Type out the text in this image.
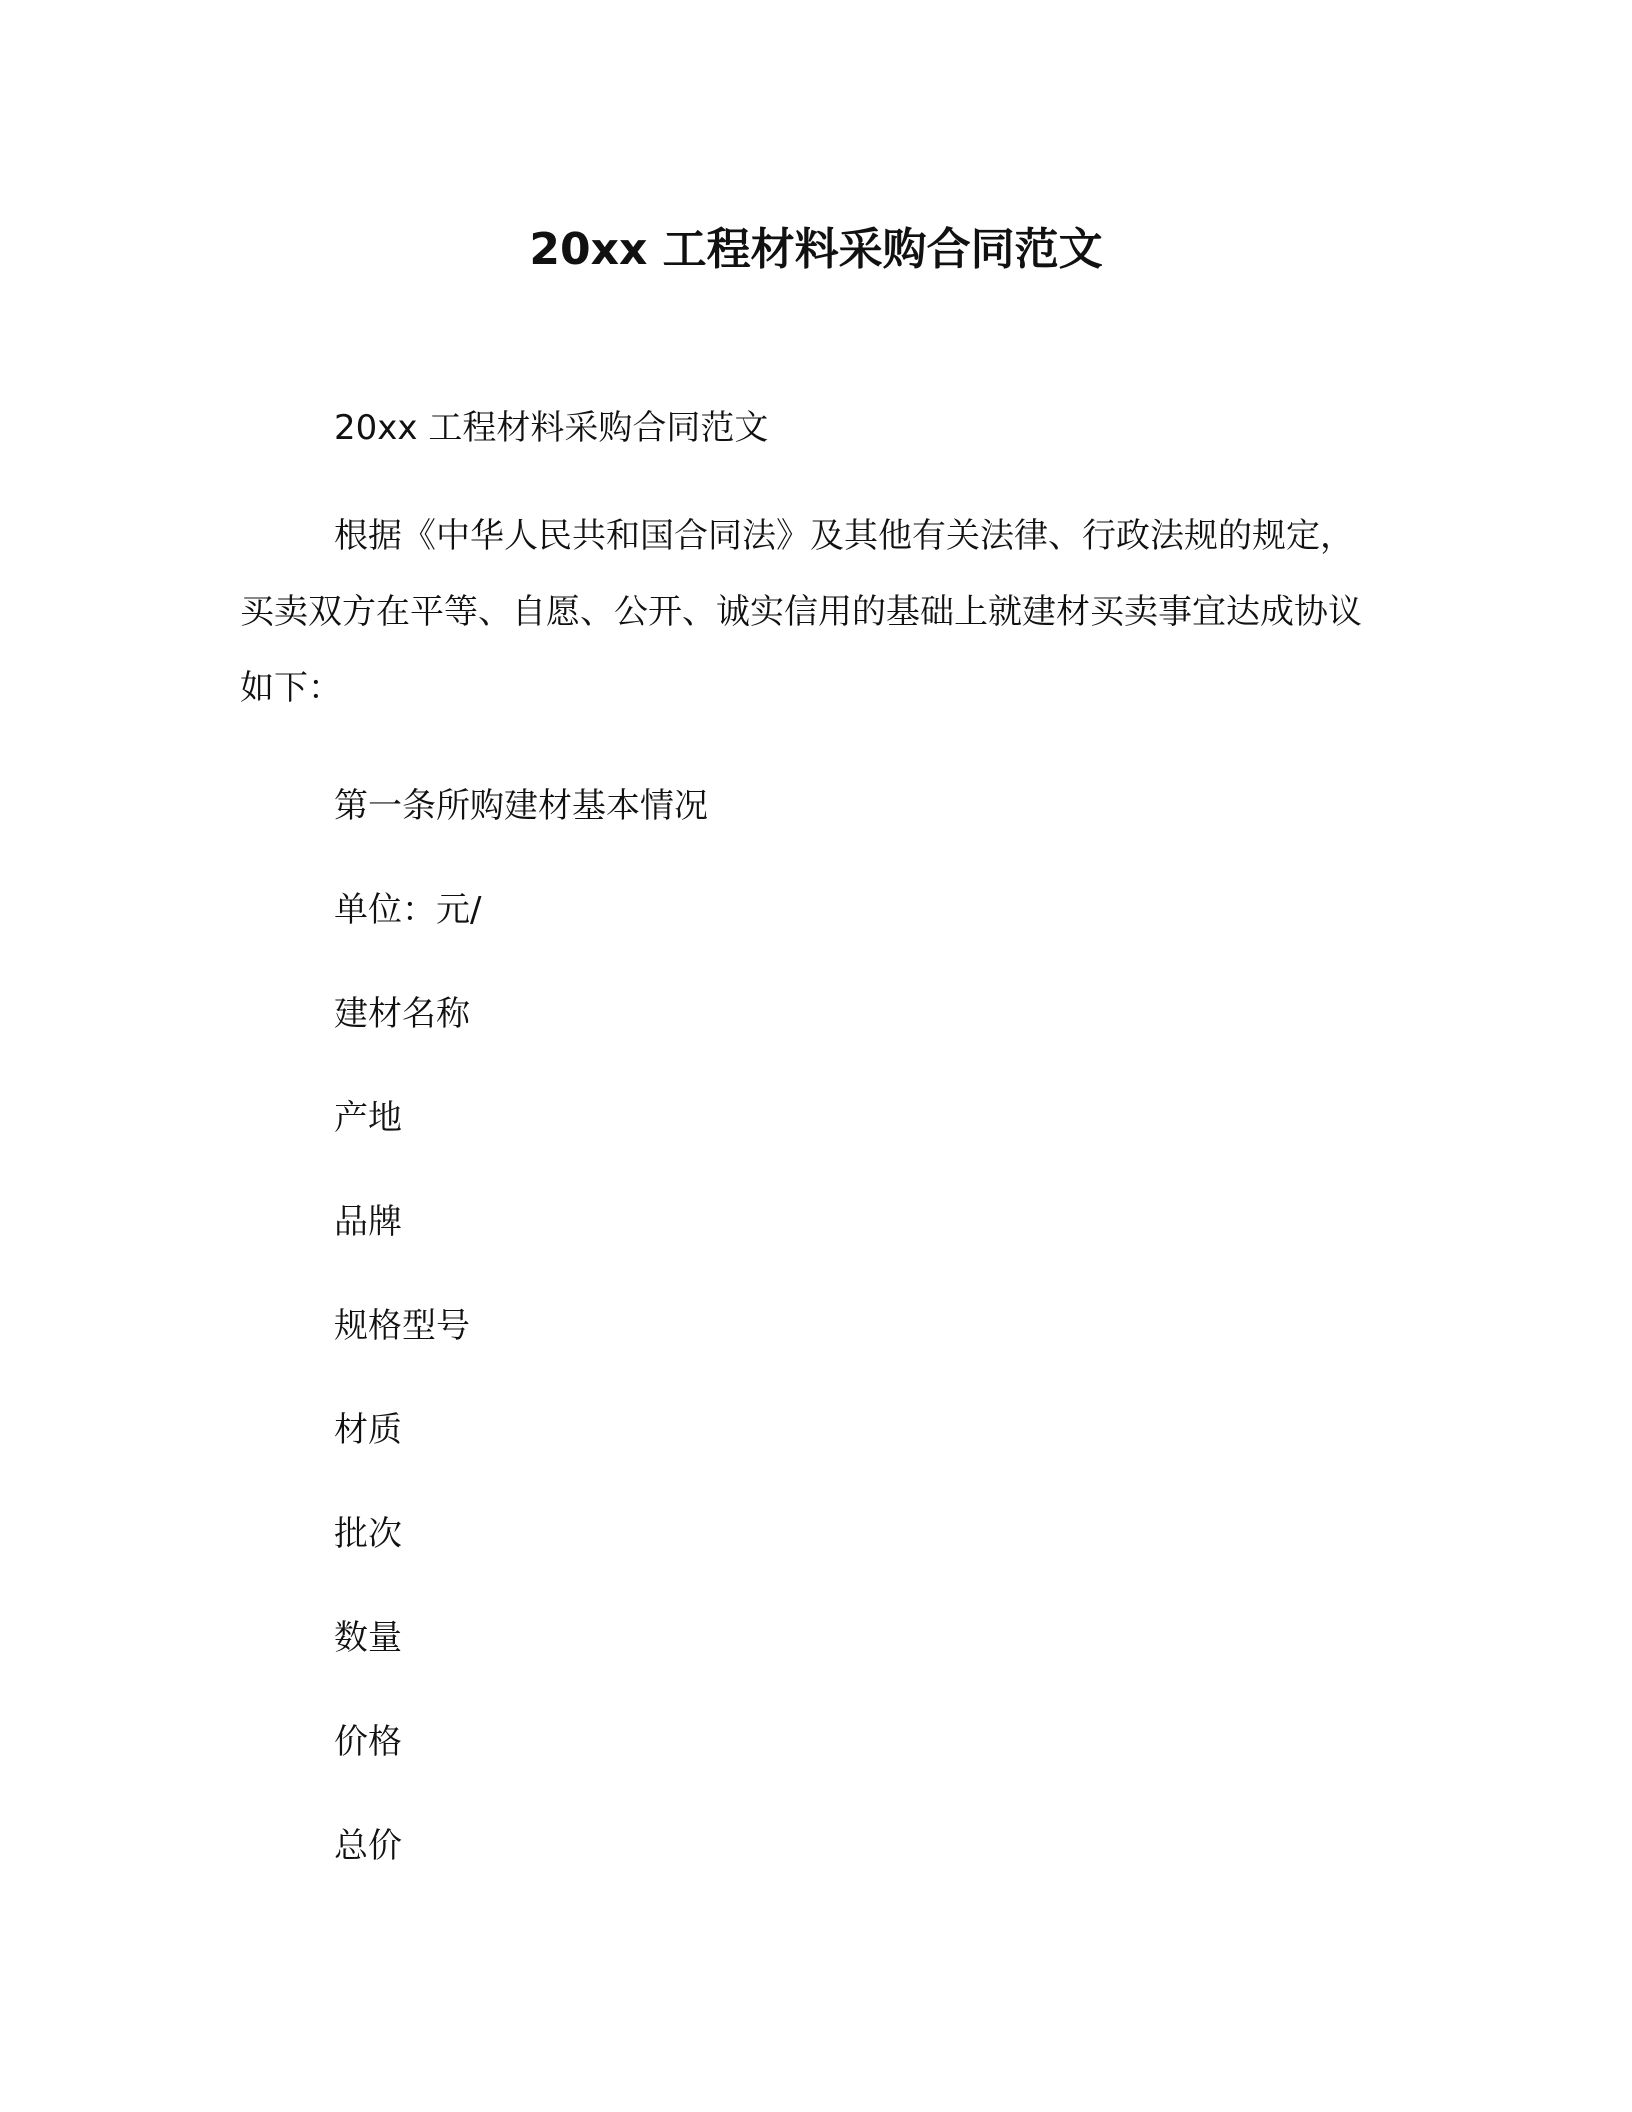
20xx 工程材料采购合同范文

20xx 工程材料采购合同范文

根据《中华人民共和国合同法》及其他有关法律、行政法规的规定，买卖双方在平等、自愿、公开、诚实信用的基础上就建材买卖事宜达成协议如下：

第一条所购建材基本情况

单位：元/

建材名称

产地

品牌

规格型号

材质

批次

数量

价格

总价
